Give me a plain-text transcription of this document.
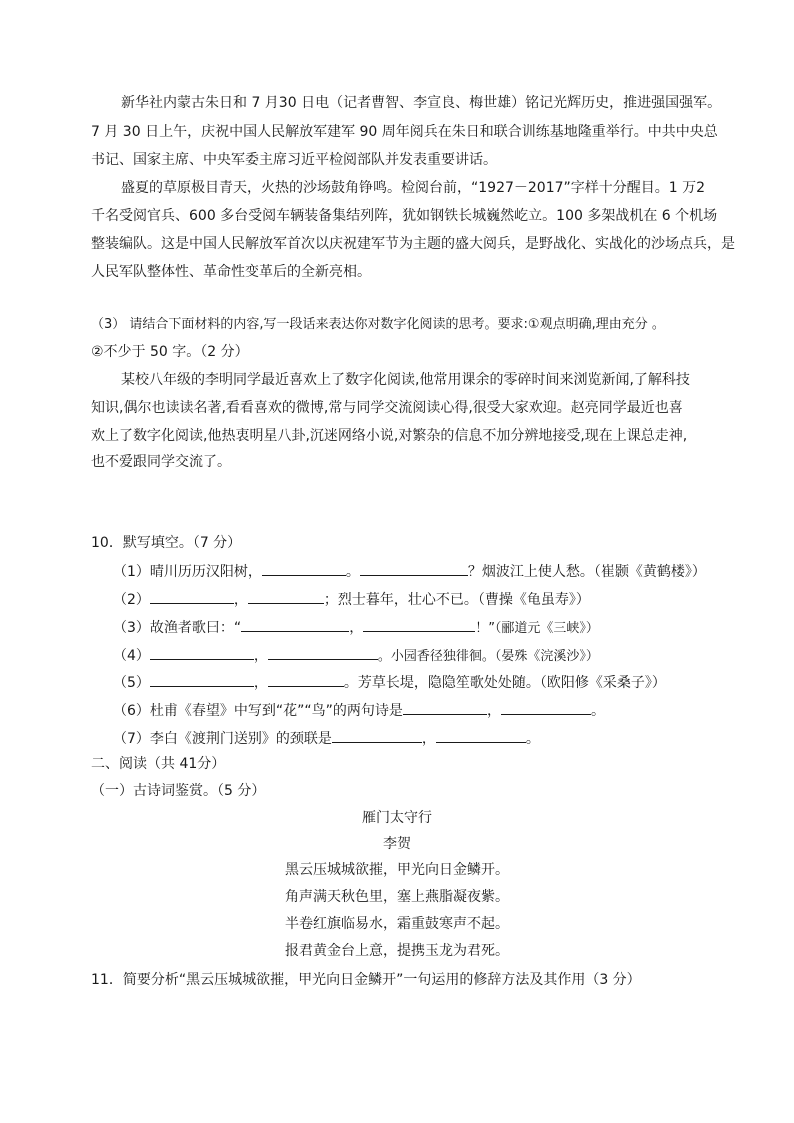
新华社内蒙古朱日和 7 月30 日电（记者曹智、李宣良、梅世雄）铭记光辉历史，推进强国强军。
7 月 30 日上午，庆祝中国人民解放军建军 90 周年阅兵在朱日和联合训练基地隆重举行。中共中央总
书记、国家主席、中央军委主席习近平检阅部队并发表重要讲话。
盛夏的草原极目青天，火热的沙场鼓角铮鸣。检阅台前，“1927－2017”字样十分醒目。1 万2
千名受阅官兵、600 多台受阅车辆装备集结列阵，犹如钢铁长城巍然屹立。100 多架战机在 6 个机场
整装编队。这是中国人民解放军首次以庆祝建军节为主题的盛大阅兵，是野战化、实战化的沙场点兵，是
人民军队整体性、革命性变革后的全新亮相。
（3） 请结合下面材料的内容,写一段话来表达你对数字化阅读的思考。要求:①观点明确,理由充分 。
②不少于 50 字。（2 分）
某校八年级的李明同学最近喜欢上了数字化阅读,他常用课余的零碎时间来浏览新闻,了解科技
知识,偶尔也读读名著,看看喜欢的微博,常与同学交流阅读心得,很受大家欢迎。赵亮同学最近也喜
欢上了数字化阅读,他热衷明星八卦,沉迷网络小说,对繁杂的信息不加分辨地接受,现在上课总走神,
也不爱跟同学交流了。
10．默写填空。（7 分）
（1）晴川历历汉阳树，	。	？烟波江上使人愁。（崔颢《黄鹤楼》）
（2）	，	；烈士暮年，壮心不已。（曹操《龟虽寿》）
（3）故渔者歌曰：“	，	！”（郦道元《三峡》）
（4）	，	。小园香径独徘徊。（晏殊《浣溪沙》）
（5）	，	。芳草长堤，隐隐笙歌处处随。（欧阳修《采桑子》）
（6）杜甫《春望》中写到“花”“鸟”的两句诗是	，	。
（7）李白《渡荆门送别》的颈联是	，	。
二、阅读（共 41分）
（一）古诗词鉴赏。（5 分）
雁门太守行
李贺
黑云压城城欲摧，甲光向日金鳞开。
角声满天秋色里，塞上燕脂凝夜紫。
半卷红旗临易水，霜重鼓寒声不起。
报君黄金台上意，提携玉龙为君死。
11．简要分析“黑云压城城欲摧，甲光向日金鳞开”一句运用的修辞方法及其作用（3 分）
